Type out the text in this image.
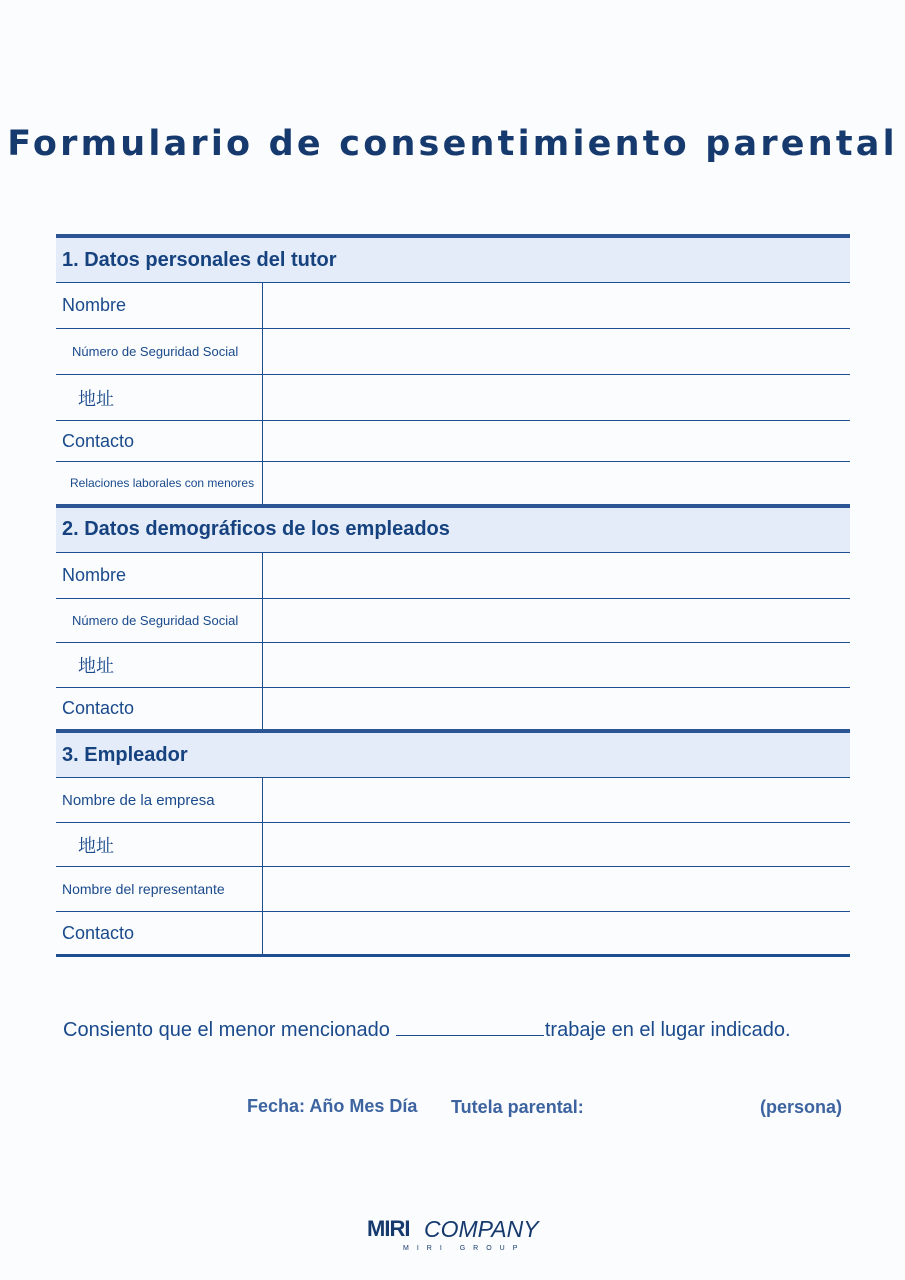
Formulario de consentimiento parental
1. Datos personales del tutor	
Nombre	
Número de Seguridad Social	
地址	
Contacto	
Relaciones laborales con menores	
2. Datos demográficos de los empleados	
Nombre	
Número de Seguridad Social	
地址	
Contacto	
3. Empleador	
Nombre de la empresa	
地址	
Nombre del representante	
Contacto	
Consiento que el menor mencionado	trabaje en el lugar indicado.
Fecha: Año Mes Día Tutela parental:	(persona)
MIRI COMPANY
MIRI GROUP
